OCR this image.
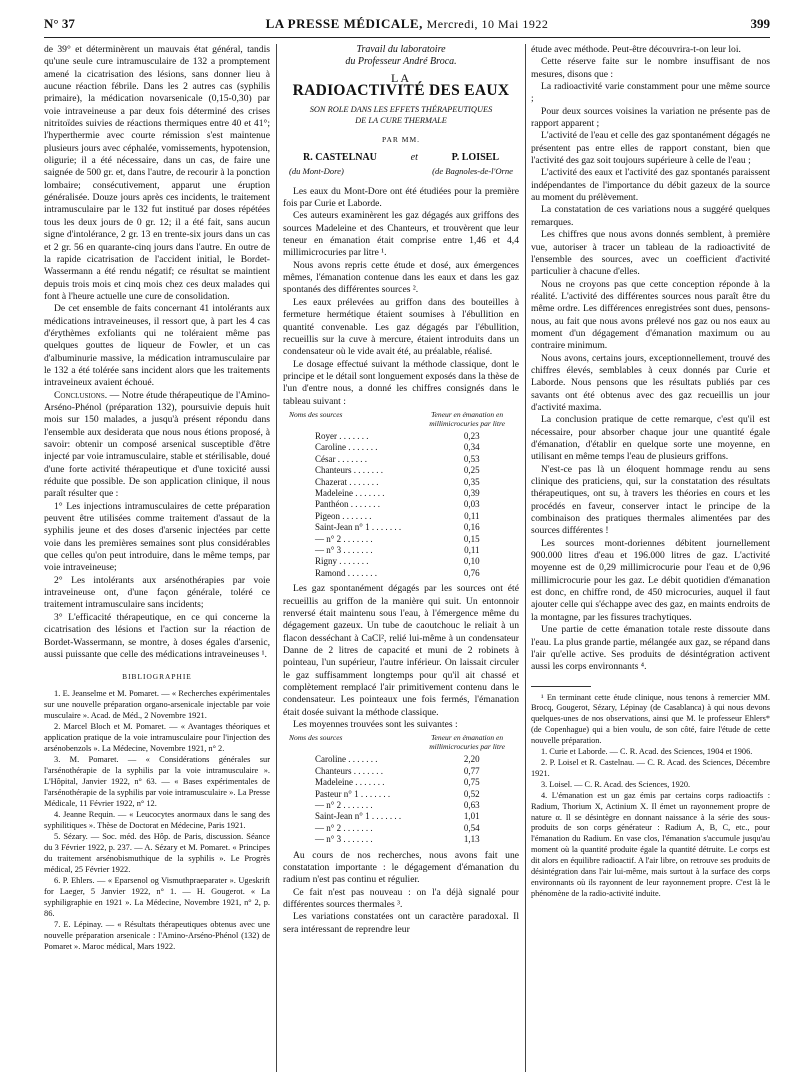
N° 37	LA PRESSE MÉDICALE, Mercredi, 10 Mai 1922	399

de 39° et déterminèrent un mauvais état général, tandis qu'une seule cure intramusculaire de 132 a promptement amené la cicatrisation des lésions, sans donner lieu à aucune réaction fébrile. Dans les 2 autres cas (syphilis primaire), la médication novarsenicale (0,15-0,30) par voie intraveineuse a par deux fois déterminé des crises nitritoïdes suivies de réactions thermiques entre 40 et 41°; l'hyperthermie avec courte rémission s'est maintenue plusieurs jours avec céphalée, vomissements, hypotension, oligurie; il a été nécessaire, dans un cas, de faire une saignée de 500 gr. et, dans l'autre, de recourir à la ponction lombaire; consécutivement, apparut une éruption généralisée. Douze jours après ces incidents, le traitement intramusculaire par le 132 fut institué par doses répétées tous les deux jours de 0 gr. 12; il a été fait, sans aucun signe d'intolérance, 2 gr. 13 en trente-six jours dans un cas et 2 gr. 56 en quarante-cinq jours dans l'autre. En outre de la rapide cicatrisation de l'accident initial, le Bordet-Wassermann a été rendu négatif; ce résultat se maintient depuis trois mois et cinq mois chez ces deux malades qui font à l'heure actuelle une cure de consolidation.

De cet ensemble de faits concernant 41 intolérants aux médications intraveineuses, il ressort que, à part les 4 cas d'érythèmes exfoliants qui ne toléraient même pas quelques gouttes de liqueur de Fowler, et un cas d'albuminurie massive, la médication intramusculaire par le 132 a été tolérée sans incident alors que les traitements intraveineux avaient échoué.

Conclusions. — Notre étude thérapeutique de l'Amino-Arséno-Phénol (préparation 132), poursuivie depuis huit mois sur 150 malades, a jusqu'à présent répondu dans l'ensemble aux desiderata que nous nous étions proposé, à savoir: obtenir un composé arsenical susceptible d'être injecté par voie intramusculaire, stable et stérilisable, doué d'une forte activité thérapeutique et d'une toxicité aussi réduite que possible. De son application clinique, il nous paraît résulter que :

1° Les injections intramusculaires de cette préparation peuvent être utilisées comme traitement d'assaut de la syphilis jeune et des doses d'arsenic injectées par cette voie dans les premières semaines sont plus considérables que celles qu'on peut introduire, dans le même temps, par voie intraveineuse;

2° Les intolérants aux arsénothérapies par voie intraveineuse ont, d'une façon générale, toléré ce traitement intramusculaire sans incidents;

3° L'efficacité thérapeutique, en ce qui concerne la cicatrisation des lésions et l'action sur la réaction de Bordet-Wassermann, se montre, à doses égales d'arsenic, aussi puissante que celle des médications intraveineuses ¹.

BIBLIOGRAPHIE

1. E. Jeanselme et M. Pomaret. — « Recherches expérimentales sur une nouvelle préparation organo-arsenicale injectable par voie musculaire ». Acad. de Méd., 2 Novembre 1921.

2. Marcel Bloch et M. Pomaret. — « Avantages théoriques et application pratique de la voie intramusculaire pour l'injection des arsénobenzols ». La Médecine, Novembre 1921, n° 2.

3. M. Pomaret. — « Considérations générales sur l'arsénothérapie de la syphilis par la voie intramusculaire ». L'Hôpital, Janvier 1922, n° 63. — « Bases expérimentales de l'arsénothérapie de la syphilis par voie intramusculaire ». La Presse Médicale, 11 Février 1922, n° 12.

4. Jeanne Requin. — « Leucocytes anormaux dans le sang des syphilitiques ». Thèse de Doctorat en Médecine, Paris 1921.

5. Sézary. — Soc. méd. des Hôp. de Paris, discussion. Séance du 3 Février 1922, p. 237. — A. Sézary et M. Pomaret. « Principes du traitement arsénobismuthique de la syphilis ». Le Progrès médical, 25 Février 1922.

6. P. Ehlers. — « Eparsenol og Vismuthpraeparater ». Ugeskrift for Laeger, 5 Janvier 1922, n° 1. — H. Gougerot. « La syphiligraphie en 1921 ». La Médecine, Novembre 1921, n° 2, p. 86.

7. E. Lépinay. — « Résultats thérapeutiques obtenus avec une nouvelle préparation arsenicale : l'Amino-Arséno-Phénol (132) de Pomaret ». Maroc médical, Mars 1922.

Travail du laboratoire
du Professeur André Broca.
LA
RADIOACTIVITÉ DES EAUX
SON ROLE DANS LES EFFETS THÉRAPEUTIQUES
DE LA CURE THERMALE
PAR MM.
R. CASTELNAU	et	P. LOISEL
(du Mont-Dore)	(de Bagnoles-de-l'Orne

Les eaux du Mont-Dore ont été étudiées pour la première fois par Curie et Laborde.

Ces auteurs examinèrent les gaz dégagés aux griffons des sources Madeleine et des Chanteurs, et trouvèrent que leur teneur en émanation était comprise entre 1,46 et 4,4 millimicrocuries par litre ¹.

Nous avons repris cette étude et dosé, aux émergences mêmes, l'émanation contenue dans les eaux et dans les gaz spontanés des différentes sources ².

Les eaux prélevées au griffon dans des bouteilles à fermeture hermétique étaient soumises à l'ébullition en quantité convenable. Les gaz dégagés par l'ébullition, recueillis sur la cuve à mercure, étaient introduits dans un condensateur où le vide avait été, au préalable, réalisé.

Le dosage effectué suivant la méthode classique, dont le principe et le détail sont longuement exposés dans la thèse de l'un d'entre nous, a donné les chiffres consignés dans le tableau suivant :

Noms des sources	Teneur en émanation en millimicrocuries par litre
Royer . . . . . . .	0,23
Caroline . . . . . . .	0,34
César . . . . . . .	0,53
Chanteurs . . . . . . .	0,25
Chazerat . . . . . . .	0,35
Madeleine . . . . . . .	0,39
Panthéon . . . . . . .	0,03
Pigeon . . . . . . .	0,11
Saint-Jean n° 1 . . . . . . .	0,16
— n° 2 . . . . . . .	0,15
— n° 3 . . . . . . .	0,11
Rigny . . . . . . .	0,10
Ramond . . . . . . .	0,76

Les gaz spontanément dégagés par les sources ont été recueillis au griffon de la manière qui suit. Un entonnoir renversé était maintenu sous l'eau, à l'émergence même du dégagement gazeux. Un tube de caoutchouc le reliait à un flacon desséchant à CaCl², relié lui-même à un condensateur Danne de 2 litres de capacité et muni de 2 robinets à pointeau, l'un supérieur, l'autre inférieur. On laissait circuler le gaz suffisamment longtemps pour qu'il ait chassé et complètement remplacé l'air primitivement contenu dans le condensateur. Les pointeaux une fois fermés, l'émanation était dosée suivant la méthode classique.

Les moyennes trouvées sont les suivantes :

Noms des sources	Teneur en émanation en millimicrocuries par litre
Caroline . . . . . . .	2,20
Chanteurs . . . . . . .	0,77
Madeleine . . . . . . .	0,75
Pasteur n° 1 . . . . . . .	0,52
— n° 2 . . . . . . .	0,63
Saint-Jean n° 1 . . . . . . .	1,01
— n° 2 . . . . . . .	0,54
— n° 3 . . . . . . .	1,13

Au cours de nos recherches, nous avons fait une constatation importante : le dégagement d'émanation du radium n'est pas continu et régulier.

Ce fait n'est pas nouveau : on l'a déjà signalé pour différentes sources thermales ³.

Les variations constatées ont un caractère paradoxal. Il sera intéressant de reprendre leur

étude avec méthode. Peut-être découvrira-t-on leur loi.

Cette réserve faite sur le nombre insuffisant de nos mesures, disons que :

La radioactivité varie constamment pour une même source ;

Pour deux sources voisines la variation ne présente pas de rapport apparent ;

L'activité de l'eau et celle des gaz spontanément dégagés ne présentent pas entre elles de rapport constant, bien que l'activité des gaz soit toujours supérieure à celle de l'eau ;

L'activité des eaux et l'activité des gaz spontanés paraissent indépendantes de l'importance du débit gazeux de la source au moment du prélèvement.

La constatation de ces variations nous a suggéré quelques remarques.

Les chiffres que nous avons donnés semblent, à première vue, autoriser à tracer un tableau de la radioactivité de l'ensemble des sources, avec un coefficient d'activité particulier à chacune d'elles.

Nous ne croyons pas que cette conception réponde à la réalité. L'activité des différentes sources nous paraît être du même ordre. Les différences enregistrées sont dues, pensons-nous, au fait que nous avons prélevé nos gaz ou nos eaux au moment d'un dégagement d'émanation maximum ou au contraire minimum.

Nous avons, certains jours, exceptionnellement, trouvé des chiffres élevés, semblables à ceux donnés par Curie et Laborde. Nous pensons que les résultats publiés par ces savants ont été obtenus avec des gaz recueillis un jour d'activité maxima.

La conclusion pratique de cette remarque, c'est qu'il est nécessaire, pour absorber chaque jour une quantité égale d'émanation, d'établir en quelque sorte une moyenne, en utilisant en même temps l'eau de plusieurs griffons.

N'est-ce pas là un éloquent hommage rendu au sens clinique des praticiens, qui, sur la constatation des résultats thérapeutiques, ont su, à travers les théories en cours et les procédés en faveur, conserver intact le principe de la combinaison des pratiques thermales alimentées par des sources différentes !

Les sources mont-doriennes débitent journellement 900.000 litres d'eau et 196.000 litres de gaz. L'activité moyenne est de 0,29 millimicrocurie pour l'eau et de 0,96 millimicrocurie pour les gaz. Le débit quotidien d'émanation est donc, en chiffre rond, de 450 microcuries, auquel il faut ajouter celle qui s'échappe avec des gaz, en maints endroits de la montagne, par les fissures trachytiques.

Une partie de cette émanation totale reste dissoute dans l'eau. La plus grande partie, mélangée aux gaz, se répand dans l'air qu'elle active. Ses produits de désintégration activent aussi les corps environnants ⁴.

¹ En terminant cette étude clinique, nous tenons à remercier MM. Brocq, Gougerot, Sézary, Lépinay (de Casablanca) à qui nous devons quelques-unes de nos observations, ainsi que M. le professeur Ehlers* (de Copenhague) qui a bien voulu, de son côté, faire l'étude de cette nouvelle préparation.

1. Curie et Laborde. — C. R. Acad. des Sciences, 1904 et 1906.

2. P. Loisel et R. Castelnau. — C. R. Acad. des Sciences, Décembre 1921.

3. Loisel. — C. R. Acad. des Sciences, 1920.

4. L'émanation est un gaz émis par certains corps radioactifs : Radium, Thorium X, Actinium X. Il émet un rayonnement propre de nature α. Il se désintègre en donnant naissance à la série des sous-produits de son corps générateur : Radium A, B, C, etc., pour l'émanation du Radium. En vase clos, l'émanation s'accumule jusqu'au moment où la quantité produite égale la quantité détruite. Le corps est dit alors en équilibre radioactif. A l'air libre, on retrouve ses produits de désintégration dans l'air lui-même, mais surtout à la surface des corps environnants où ils rayonnent de leur rayonnement propre. C'est là le phénomène de la radio-activité induite.
